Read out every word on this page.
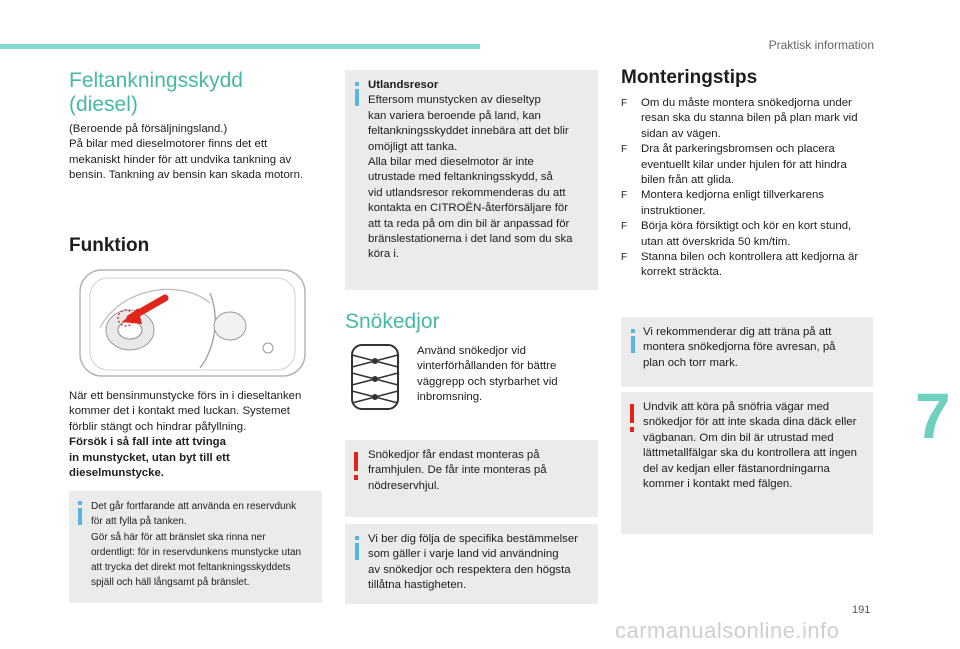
Praktisk information
Feltankningsskydd
(diesel)

(Beroende på försäljningsland.)

På bilar med dieselmotorer finns det ett

mekaniskt hinder för att undvika tankning av

bensin. Tankning av bensin kan skada motorn.

Funktion

När ett bensinmunstycke förs in i dieseltanken

kommer det i kontakt med luckan. Systemet

förblir stängt och hindrar påfyllning.

Försök i så fall inte att tvinga

in munstycket, utan byt till ett

dieselmunstycke.

Det går fortfarande att använda en reservdunk

för att fylla på tanken.

Gör så här för att bränslet ska rinna ner

ordentligt: för in reservdunkens munstycke utan

att trycka det direkt mot feltankningsskyddets

spjäll och häll långsamt på bränslet.

Utlandsresor

Eftersom munstycken av dieseltyp

kan variera beroende på land, kan

feltankningsskyddet innebära att det blir

omöjligt att tanka.

Alla bilar med dieselmotor är inte

utrustade med feltankningsskydd, så

vid utlandsresor rekommenderas du att

kontakta en CITROËN-återförsäljare för

att ta reda på om din bil är anpassad för

bränslestationerna i det land som du ska

köra i.

Snökedjor

Använd snökedjor vid

vinterförhållanden för bättre

väggrepp och styrbarhet vid

inbromsning.

Snökedjor får endast monteras på

framhjulen. De får inte monteras på

nödreservhjul.

Vi ber dig följa de specifika bestämmelser

som gäller i varje land vid användning

av snökedjor och respektera den högsta

tillåtna hastigheten.

Monteringstips
F Om du måste montera snökedjorna under

resan ska du stanna bilen på plan mark vid

sidan av vägen.

F Dra åt parkeringsbromsen och placera

eventuellt kilar under hjulen för att hindra

bilen från att glida.

F Montera kedjorna enligt tillverkarens

instruktioner.

F Börja köra försiktigt och kör en kort stund,

utan att överskrida 50 km/tim.

F Stanna bilen och kontrollera att kedjorna är

korrekt sträckta.

Vi rekommenderar dig att träna på att

montera snökedjorna före avresan, på

plan och torr mark.

Undvik att köra på snöfria vägar med

snökedjor för att inte skada dina däck eller

vägbanan. Om din bil är utrustad med

lättmetallfälgar ska du kontrollera att ingen

del av kedjan eller fästanordningarna

kommer i kontakt med fälgen.

7
191
carmanualsonline.info
